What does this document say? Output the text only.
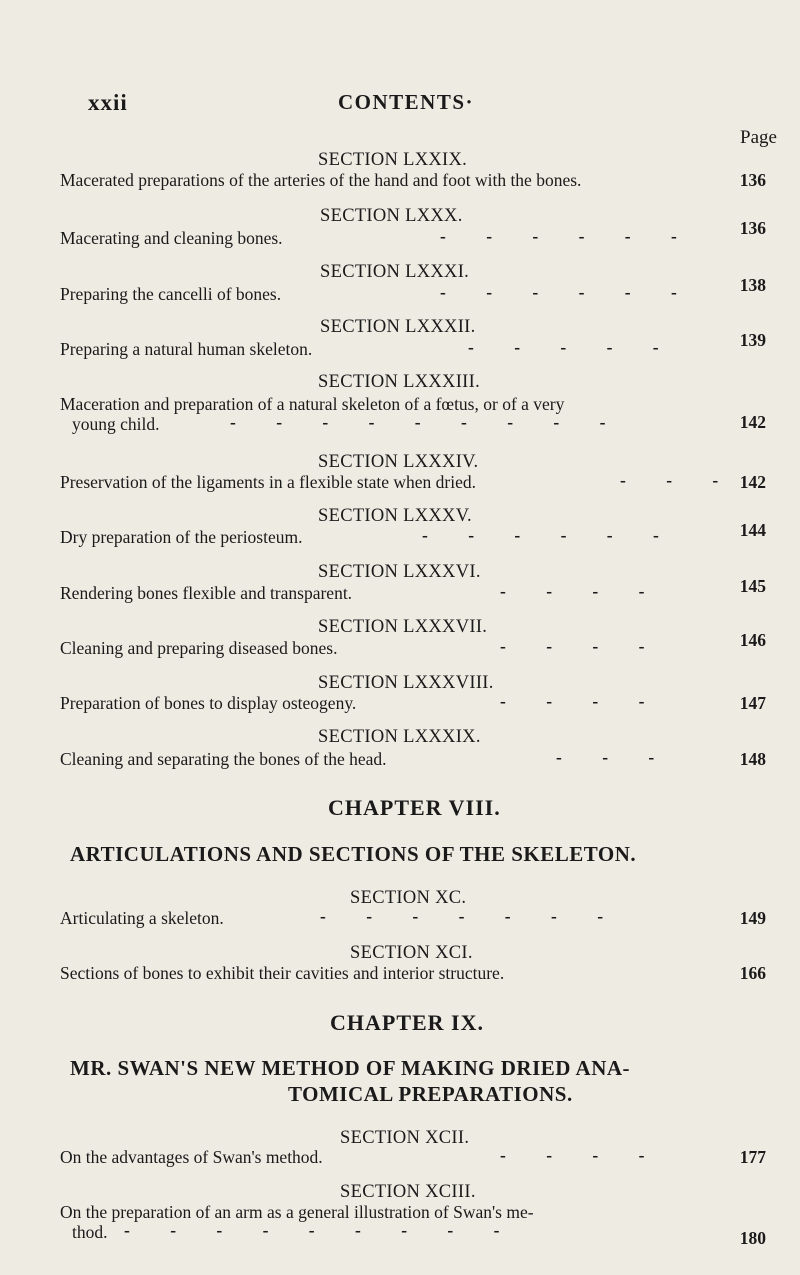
xxii	CONTENTS·
Page
SECTION LXXIX.
Macerated preparations of the arteries of the hand and foot with the bones.	136
SECTION LXXX.
Macerating and cleaning bones.	- - - - - -	136
SECTION LXXXI.
Preparing the cancelli of bones.	- - - - - -	138
SECTION LXXXII.
Preparing a natural human skeleton.	- - - - -	139
SECTION LXXXIII.
Maceration and preparation of a natural skeleton of a fœtus, or of a very
young child.	- - - - - - - - -	142
SECTION LXXXIV.
Preservation of the ligaments in a flexible state when dried.	- - - 142
SECTION LXXXV.
Dry preparation of the periosteum.	- - - - - -	144
SECTION LXXXVI.
Rendering bones flexible and transparent.	- - - -	145
SECTION LXXXVII.
Cleaning and preparing diseased bones.	- - - -	146
SECTION LXXXVIII.
Preparation of bones to display osteogeny.	- - - -	147
SECTION LXXXIX.
Cleaning and separating the bones of the head.	- - -	148
CHAPTER VIII.
ARTICULATIONS AND SECTIONS OF THE SKELETON.
SECTION XC.
Articulating a skeleton.	- - - - - - -	149
SECTION XCI.
Sections of bones to exhibit their cavities and interior structure.	166
CHAPTER IX.
MR. SWAN'S NEW METHOD OF MAKING DRIED ANA-
TOMICAL PREPARATIONS.
SECTION XCII.
On the advantages of Swan's method.	- - - -	177
SECTION XCIII.
On the preparation of an arm as a general illustration of Swan's me-
thod. - - - - - - - - -	180
